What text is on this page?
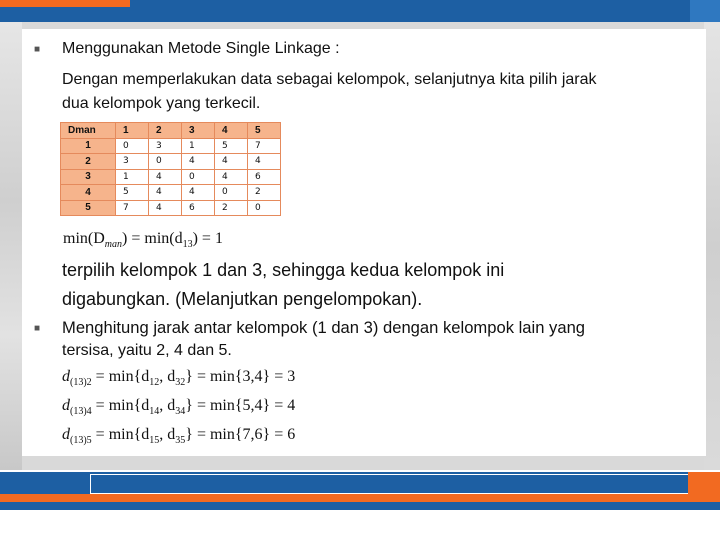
■ Menggunakan Metode Single Linkage :
Dengan memperlakukan data sebagai kelompok, selanjutnya kita pilih jarak
dua kelompok yang terkecil.
Dman	1	2	3	4	5
1	0	3	1	5	7
2	3	0	4	4	4
3	1	4	0	4	6
4	5	4	4	0	2
5	7	4	6	2	0
$\min(D_{man}) = \min(d_{13}) = 1$
terpilih kelompok 1 dan 3, sehingga kedua kelompok ini
digabungkan. (Melanjutkan pengelompokan).
■ Menghitung jarak antar kelompok (1 dan 3) dengan kelompok lain yang
tersisa, yaitu 2, 4 dan 5.
$d_{(13)2} = \min\{d_{12}$, $d_{32}\} = \min\{3,4\} = 3$
$d_{(13)4} = \min\{d_{14}$, $d_{34}\} = \min\{5,4\} = 4$
$d_{(13)5} = \min\{d_{15}$, $d_{35}\} = \min\{7,6\} = 6$
